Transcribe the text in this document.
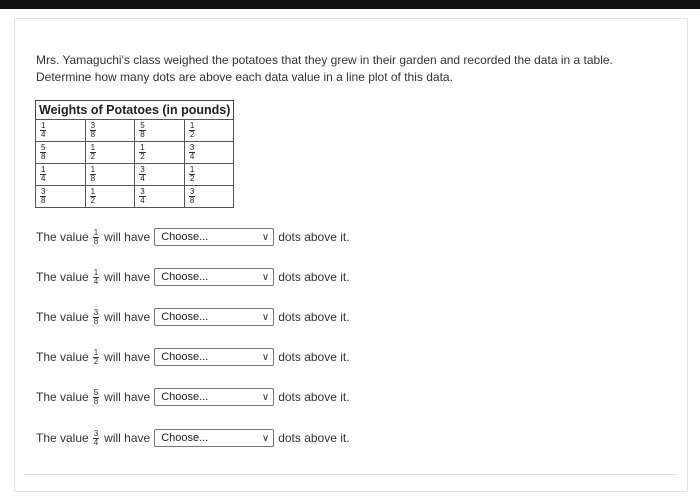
Mrs. Yamaguchi's class weighed the potatoes that they grew in their garden and recorded the data in a table. Determine how many dots are above each data value in a line plot of this data.
Weights of Potatoes (in pounds)
$\frac{1}{4}$	$\frac{3}{8}$	$\frac{5}{8}$	$\frac{1}{2}$

$\frac{5}{8}$	$\frac{1}{2}$	$\frac{1}{2}$	$\frac{3}{4}$

$\frac{1}{4}$	$\frac{1}{8}$	$\frac{3}{4}$	$\frac{1}{2}$

$\frac{3}{8}$	$\frac{1}{2}$	$\frac{3}{4}$	$\frac{3}{8}$
The value $\frac{1}{8}$ will have Choose...	∨ dots above it.
The value $\frac{1}{4}$ will have Choose...	∨ dots above it.
The value $\frac{3}{8}$ will have Choose...	∨ dots above it.
The value $\frac{1}{2}$ will have Choose...	∨ dots above it.
The value $\frac{5}{8}$ will have Choose...	∨ dots above it.
The value $\frac{3}{4}$ will have Choose...	∨ dots above it.
